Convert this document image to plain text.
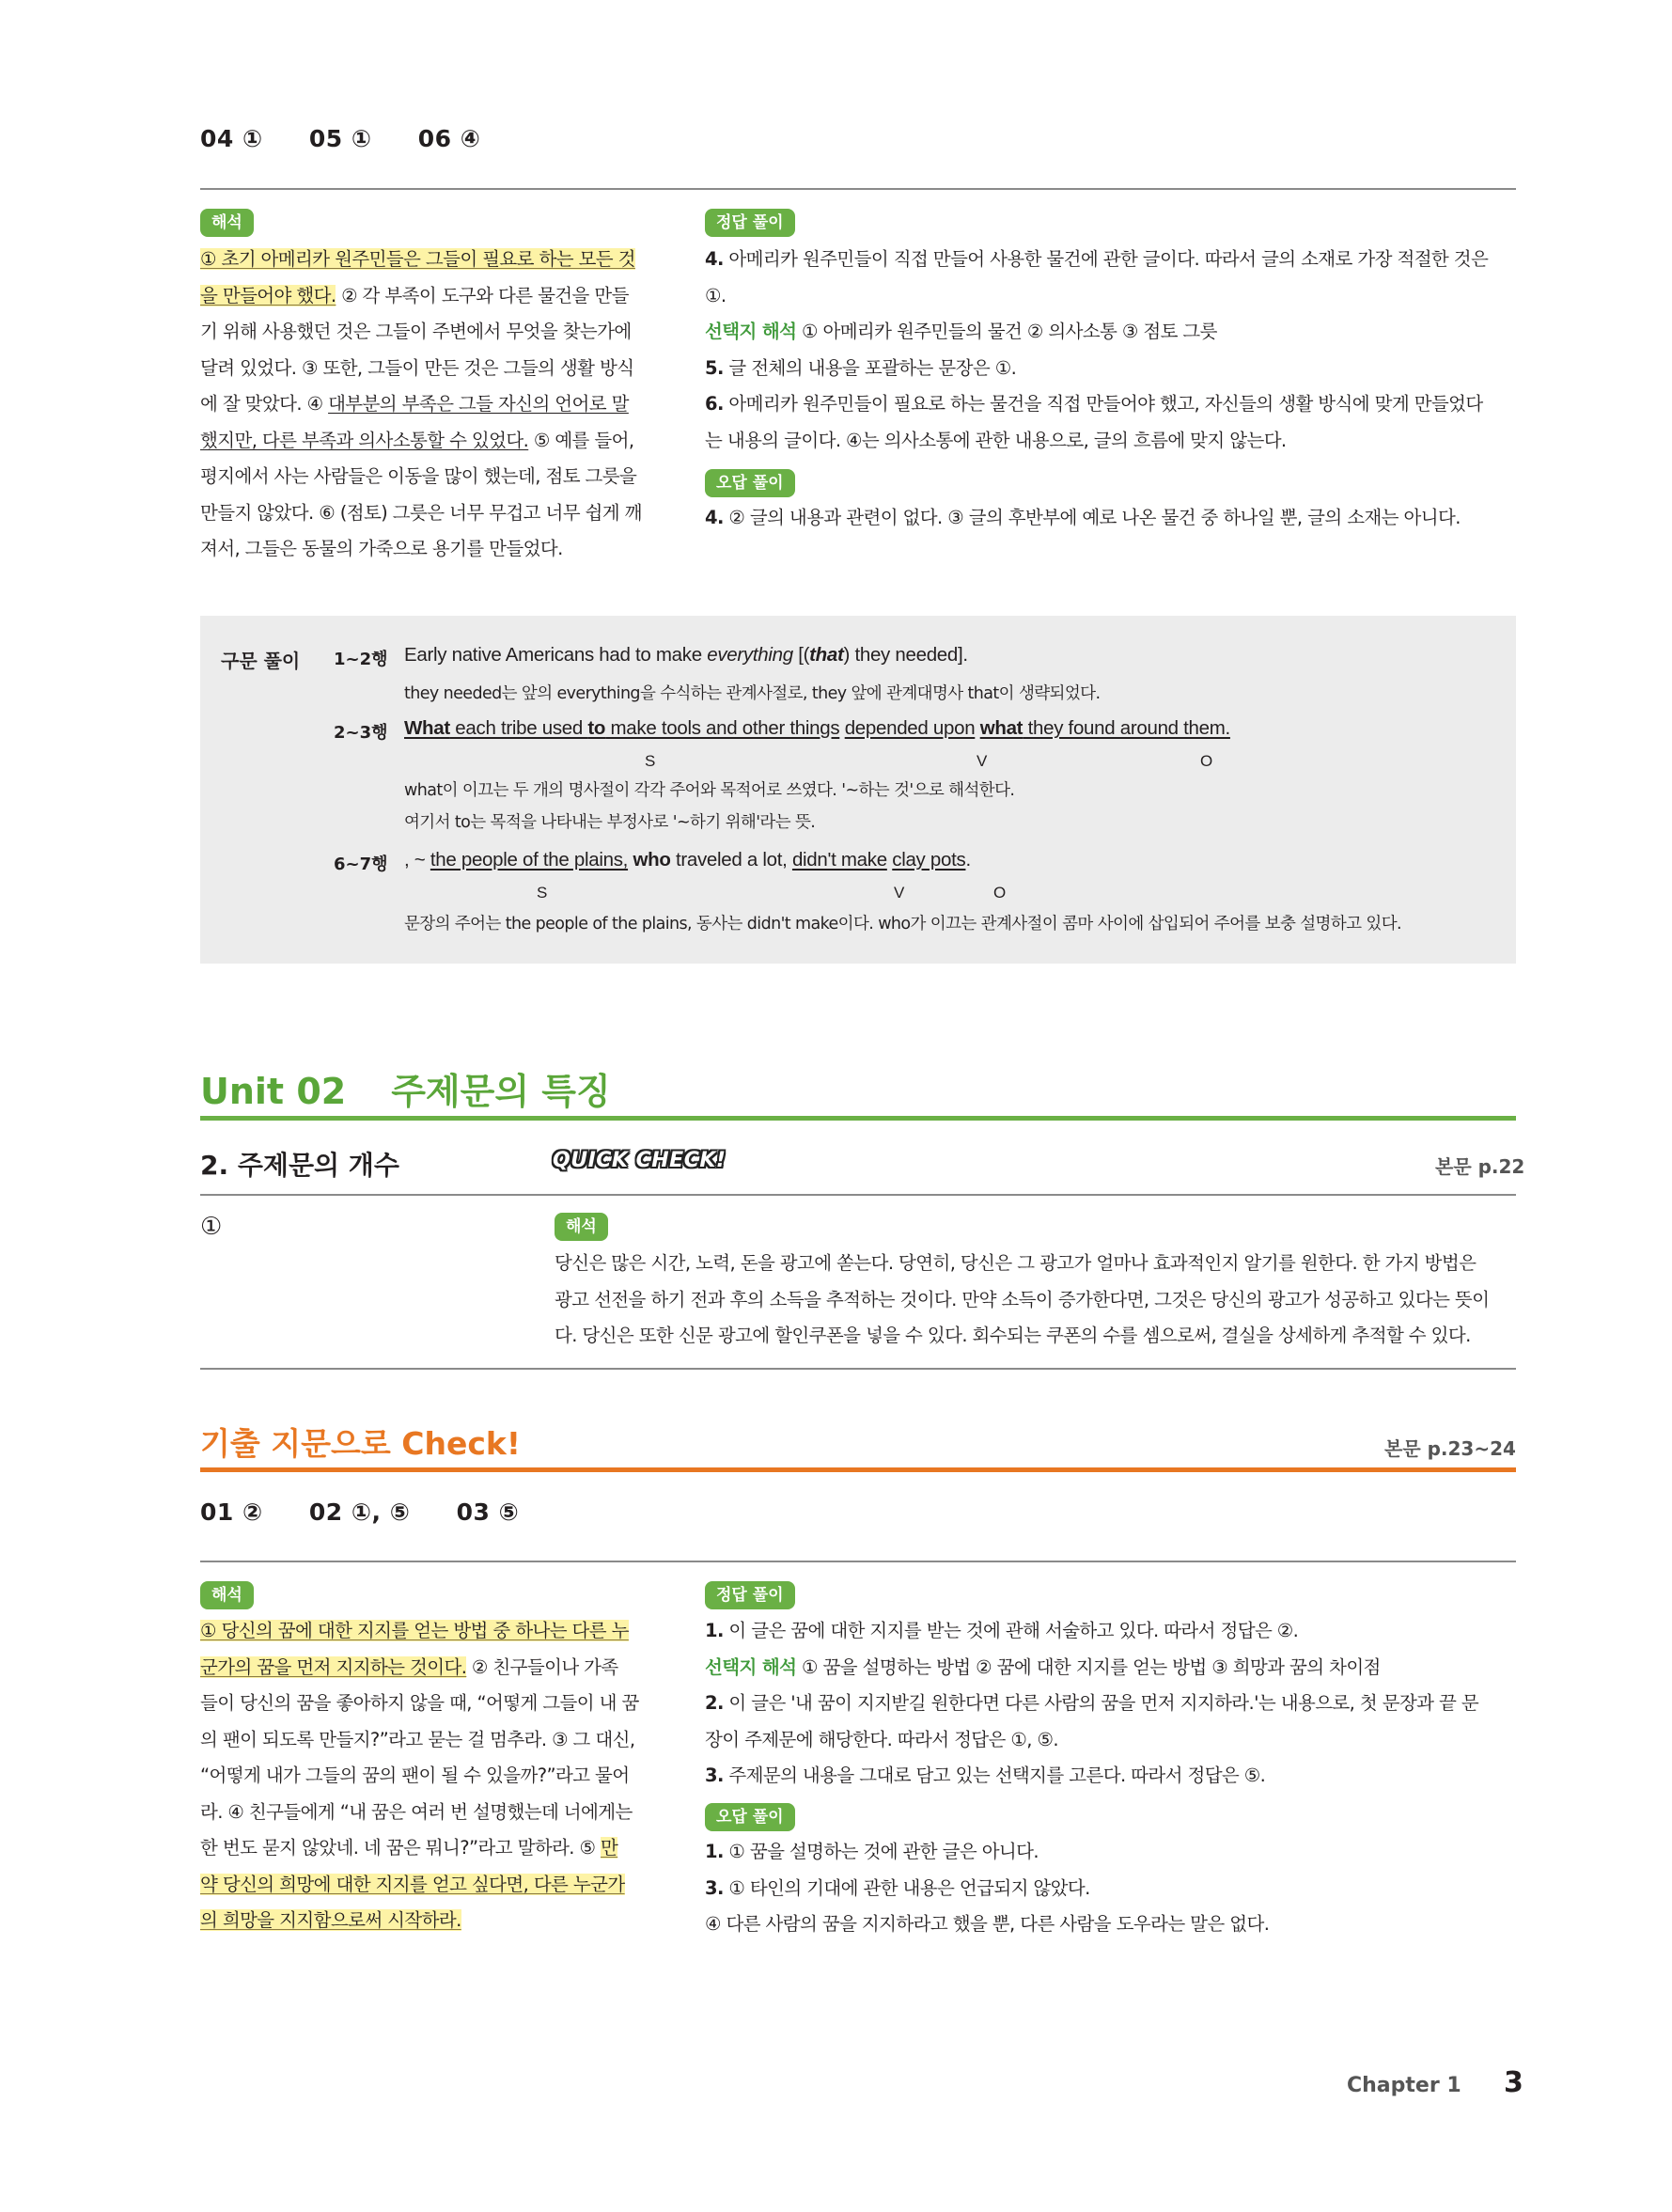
04 ① 05 ① 06 ④
해석

① 초기 아메리카 원주민들은 그들이 필요로 하는 모든 것

을 만들어야 했다. ② 각 부족이 도구와 다른 물건을 만들

기 위해 사용했던 것은 그들이 주변에서 무엇을 찾는가에

달려 있었다. ③ 또한, 그들이 만든 것은 그들의 생활 방식

에 잘 맞았다. ④ 대부분의 부족은 그들 자신의 언어로 말

했지만, 다른 부족과 의사소통할 수 있었다. ⑤ 예를 들어,

평지에서 사는 사람들은 이동을 많이 했는데, 점토 그릇을

만들지 않았다. ⑥ (점토) 그릇은 너무 무겁고 너무 쉽게 깨

져서, 그들은 동물의 가죽으로 용기를 만들었다.

정답 풀이

4. 아메리카 원주민들이 직접 만들어 사용한 물건에 관한 글이다. 따라서 글의 소재로 가장 적절한 것은

①.

선택지 해석 ① 아메리카 원주민들의 물건 ② 의사소통 ③ 점토 그릇

5. 글 전체의 내용을 포괄하는 문장은 ①.

6. 아메리카 원주민들이 필요로 하는 물건을 직접 만들어야 했고, 자신들의 생활 방식에 맞게 만들었다

는 내용의 글이다. ④는 의사소통에 관한 내용으로, 글의 흐름에 맞지 않는다.

오답 풀이

4. ② 글의 내용과 관련이 없다. ③ 글의 후반부에 예로 나온 물건 중 하나일 뿐, 글의 소재는 아니다.

구문 풀이 1~2행 Early native Americans had to make everything [(that) they needed].
they needed는 앞의 everything을 수식하는 관계사절로, they 앞에 관계대명사 that이 생략되었다.
2~3행 What each tribe used to make tools and other things depended upon what they found around them.
S	V	O
what이 이끄는 두 개의 명사절이 각각 주어와 목적어로 쓰였다. '~하는 것'으로 해석한다.
여기서 to는 목적을 나타내는 부정사로 '~하기 위해'라는 뜻.
6~7행 , ~ the people of the plains, who traveled a lot, didn't make clay pots.
S	V	O
문장의 주어는 the people of the plains, 동사는 didn't make이다. who가 이끄는 관계사절이 콤마 사이에 삽입되어 주어를 보충 설명하고 있다.
Unit 02 주제문의 특징
2. 주제문의 개수	QUICK CHECK!	본문 p.22
①	해석

당신은 많은 시간, 노력, 돈을 광고에 쏟는다. 당연히, 당신은 그 광고가 얼마나 효과적인지 알기를 원한다. 한 가지 방법은

광고 선전을 하기 전과 후의 소득을 추적하는 것이다. 만약 소득이 증가한다면, 그것은 당신의 광고가 성공하고 있다는 뜻이

다. 당신은 또한 신문 광고에 할인쿠폰을 넣을 수 있다. 회수되는 쿠폰의 수를 셈으로써, 결실을 상세하게 추적할 수 있다.

기출 지문으로 Check!	본문 p.23~24
01 ② 02 ①, ⑤ 03 ⑤
해석

① 당신의 꿈에 대한 지지를 얻는 방법 중 하나는 다른 누

군가의 꿈을 먼저 지지하는 것이다. ② 친구들이나 가족

들이 당신의 꿈을 좋아하지 않을 때, “어떻게 그들이 내 꿈

의 팬이 되도록 만들지?”라고 묻는 걸 멈추라. ③ 그 대신,

“어떻게 내가 그들의 꿈의 팬이 될 수 있을까?”라고 물어

라. ④ 친구들에게 “내 꿈은 여러 번 설명했는데 너에게는

한 번도 묻지 않았네. 네 꿈은 뭐니?”라고 말하라. ⑤ 만

약 당신의 희망에 대한 지지를 얻고 싶다면, 다른 누군가

의 희망을 지지함으로써 시작하라.

정답 풀이

1. 이 글은 꿈에 대한 지지를 받는 것에 관해 서술하고 있다. 따라서 정답은 ②.

선택지 해석 ① 꿈을 설명하는 방법 ② 꿈에 대한 지지를 얻는 방법 ③ 희망과 꿈의 차이점

2. 이 글은 '내 꿈이 지지받길 원한다면 다른 사람의 꿈을 먼저 지지하라.'는 내용으로, 첫 문장과 끝 문

장이 주제문에 해당한다. 따라서 정답은 ①, ⑤.

3. 주제문의 내용을 그대로 담고 있는 선택지를 고른다. 따라서 정답은 ⑤.

오답 풀이

1. ① 꿈을 설명하는 것에 관한 글은 아니다.

3. ① 타인의 기대에 관한 내용은 언급되지 않았다.

④ 다른 사람의 꿈을 지지하라고 했을 뿐, 다른 사람을 도우라는 말은 없다.

Chapter 1 3
